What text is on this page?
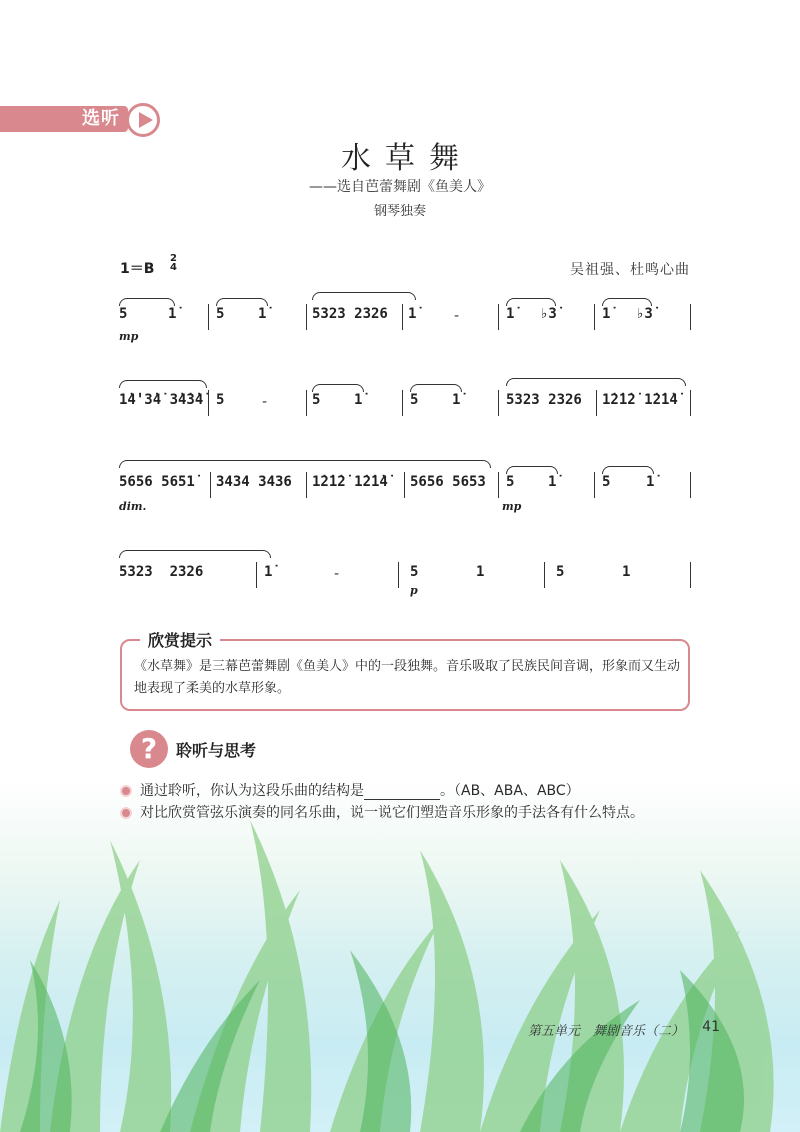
选听
水草舞
——选自芭蕾舞剧《鱼美人》
钢琴独奏
1＝B
2
4	吴祖强、杜鸣心曲
5	1̇	5 1̇	5323 2326 1̇	-	1̇ ♭3̇	1̇ ♭3̇
mp
1̇4̇'3̇4̇ 3̇4̇3̇4̇ 5	-	5 1̇	5 1̇	5323 2326 1̇2̇1̇2̇ 1̇2̇1̇4̇
5656 5651̇ 3434 3436 1̇2̇1̇2̇ 1̇2̇1̇4̇ 5656 5653 5 1̇	5	1̇
dim.	mp
5323  2326	1̇	-	5	1	5	1
p
欣赏提示
《水草舞》是三幕芭蕾舞剧《鱼美人》中的一段独舞。音乐吸取了民族民间音调，形象而又生动地表现了柔美的水草形象。
?	聆听与思考
通过聆听，你认为这段乐曲的结构是	。（AB、ABA、ABC）
对比欣赏管弦乐演奏的同名乐曲，说一说它们塑造音乐形象的手法各有什么特点。
第五单元　舞剧音乐（二） 41
